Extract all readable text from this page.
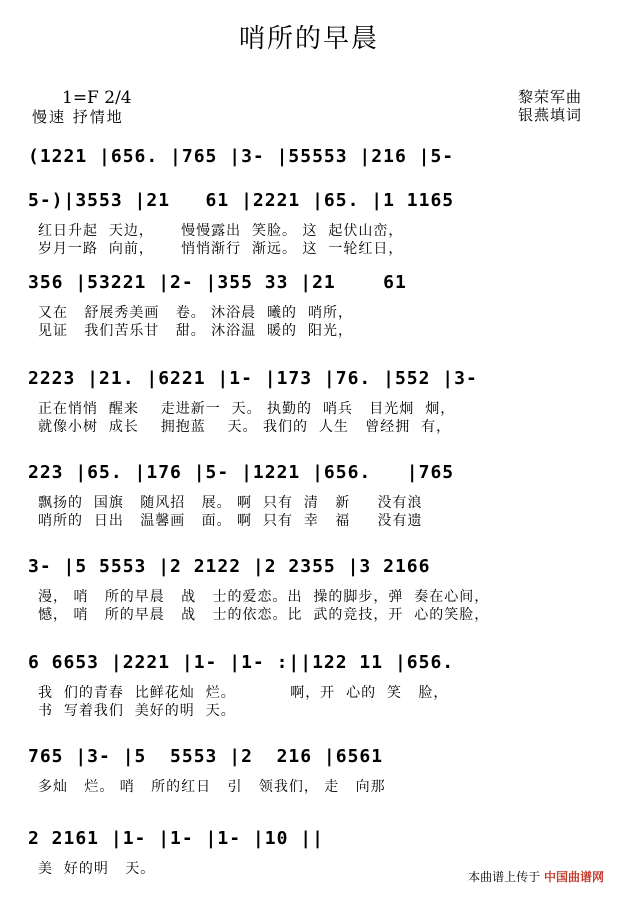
哨所的早晨
1=F 2/4
慢速 抒情地
黎荣军曲
银燕填词
(1221 |656. |765 |3- |55553 |216 |5-
5-)|3553 |21   61 |2221 |65. |1 1165
红日升起  天边，     慢慢露出  笑脸。 这  起伏山峦，
岁月一路  向前，     悄悄渐行  渐远。 这  一轮红日，
356 |53221 |2- |355 33 |21    61
又在   舒展秀美画   卷。 沐浴晨  曦的  哨所，
见证   我们苦乐甘   甜。 沐浴温  暖的  阳光，
2223 |21. |6221 |1- |173 |76. |552 |3-
正在悄悄  醒来    走进新一  天。 执勤的  哨兵   目光炯  炯，
就像小树  成长    拥抱蓝    天。 我们的  人生   曾经拥  有，
223 |65. |176 |5- |1221 |656.   |765
飘扬的  国旗   随风招   展。 啊  只有  清   新     没有浪
哨所的  日出   温馨画   面。 啊  只有  幸   福     没有遗
3- |5 5553 |2 2122 |2 2355 |3 2166
漫， 哨   所的早晨   战   士的爱恋。出  操的脚步，弹  奏在心间，
憾， 哨   所的早晨   战   士的依恋。比  武的竞技，开  心的笑脸，
6 6653 |2221 |1- |1- :||122 11 |656.
我  们的青春  比鲜花灿  烂。          啊，开  心的  笑   脸，
书  写着我们  美好的明  天。
765 |3- |5  5553 |2  216 |6561
多灿   烂。 哨   所的红日   引   领我们， 走   向那
2 2161 |1- |1- |1- |10 ||
美  好的明   天。	本曲谱上传于 中国曲谱网
